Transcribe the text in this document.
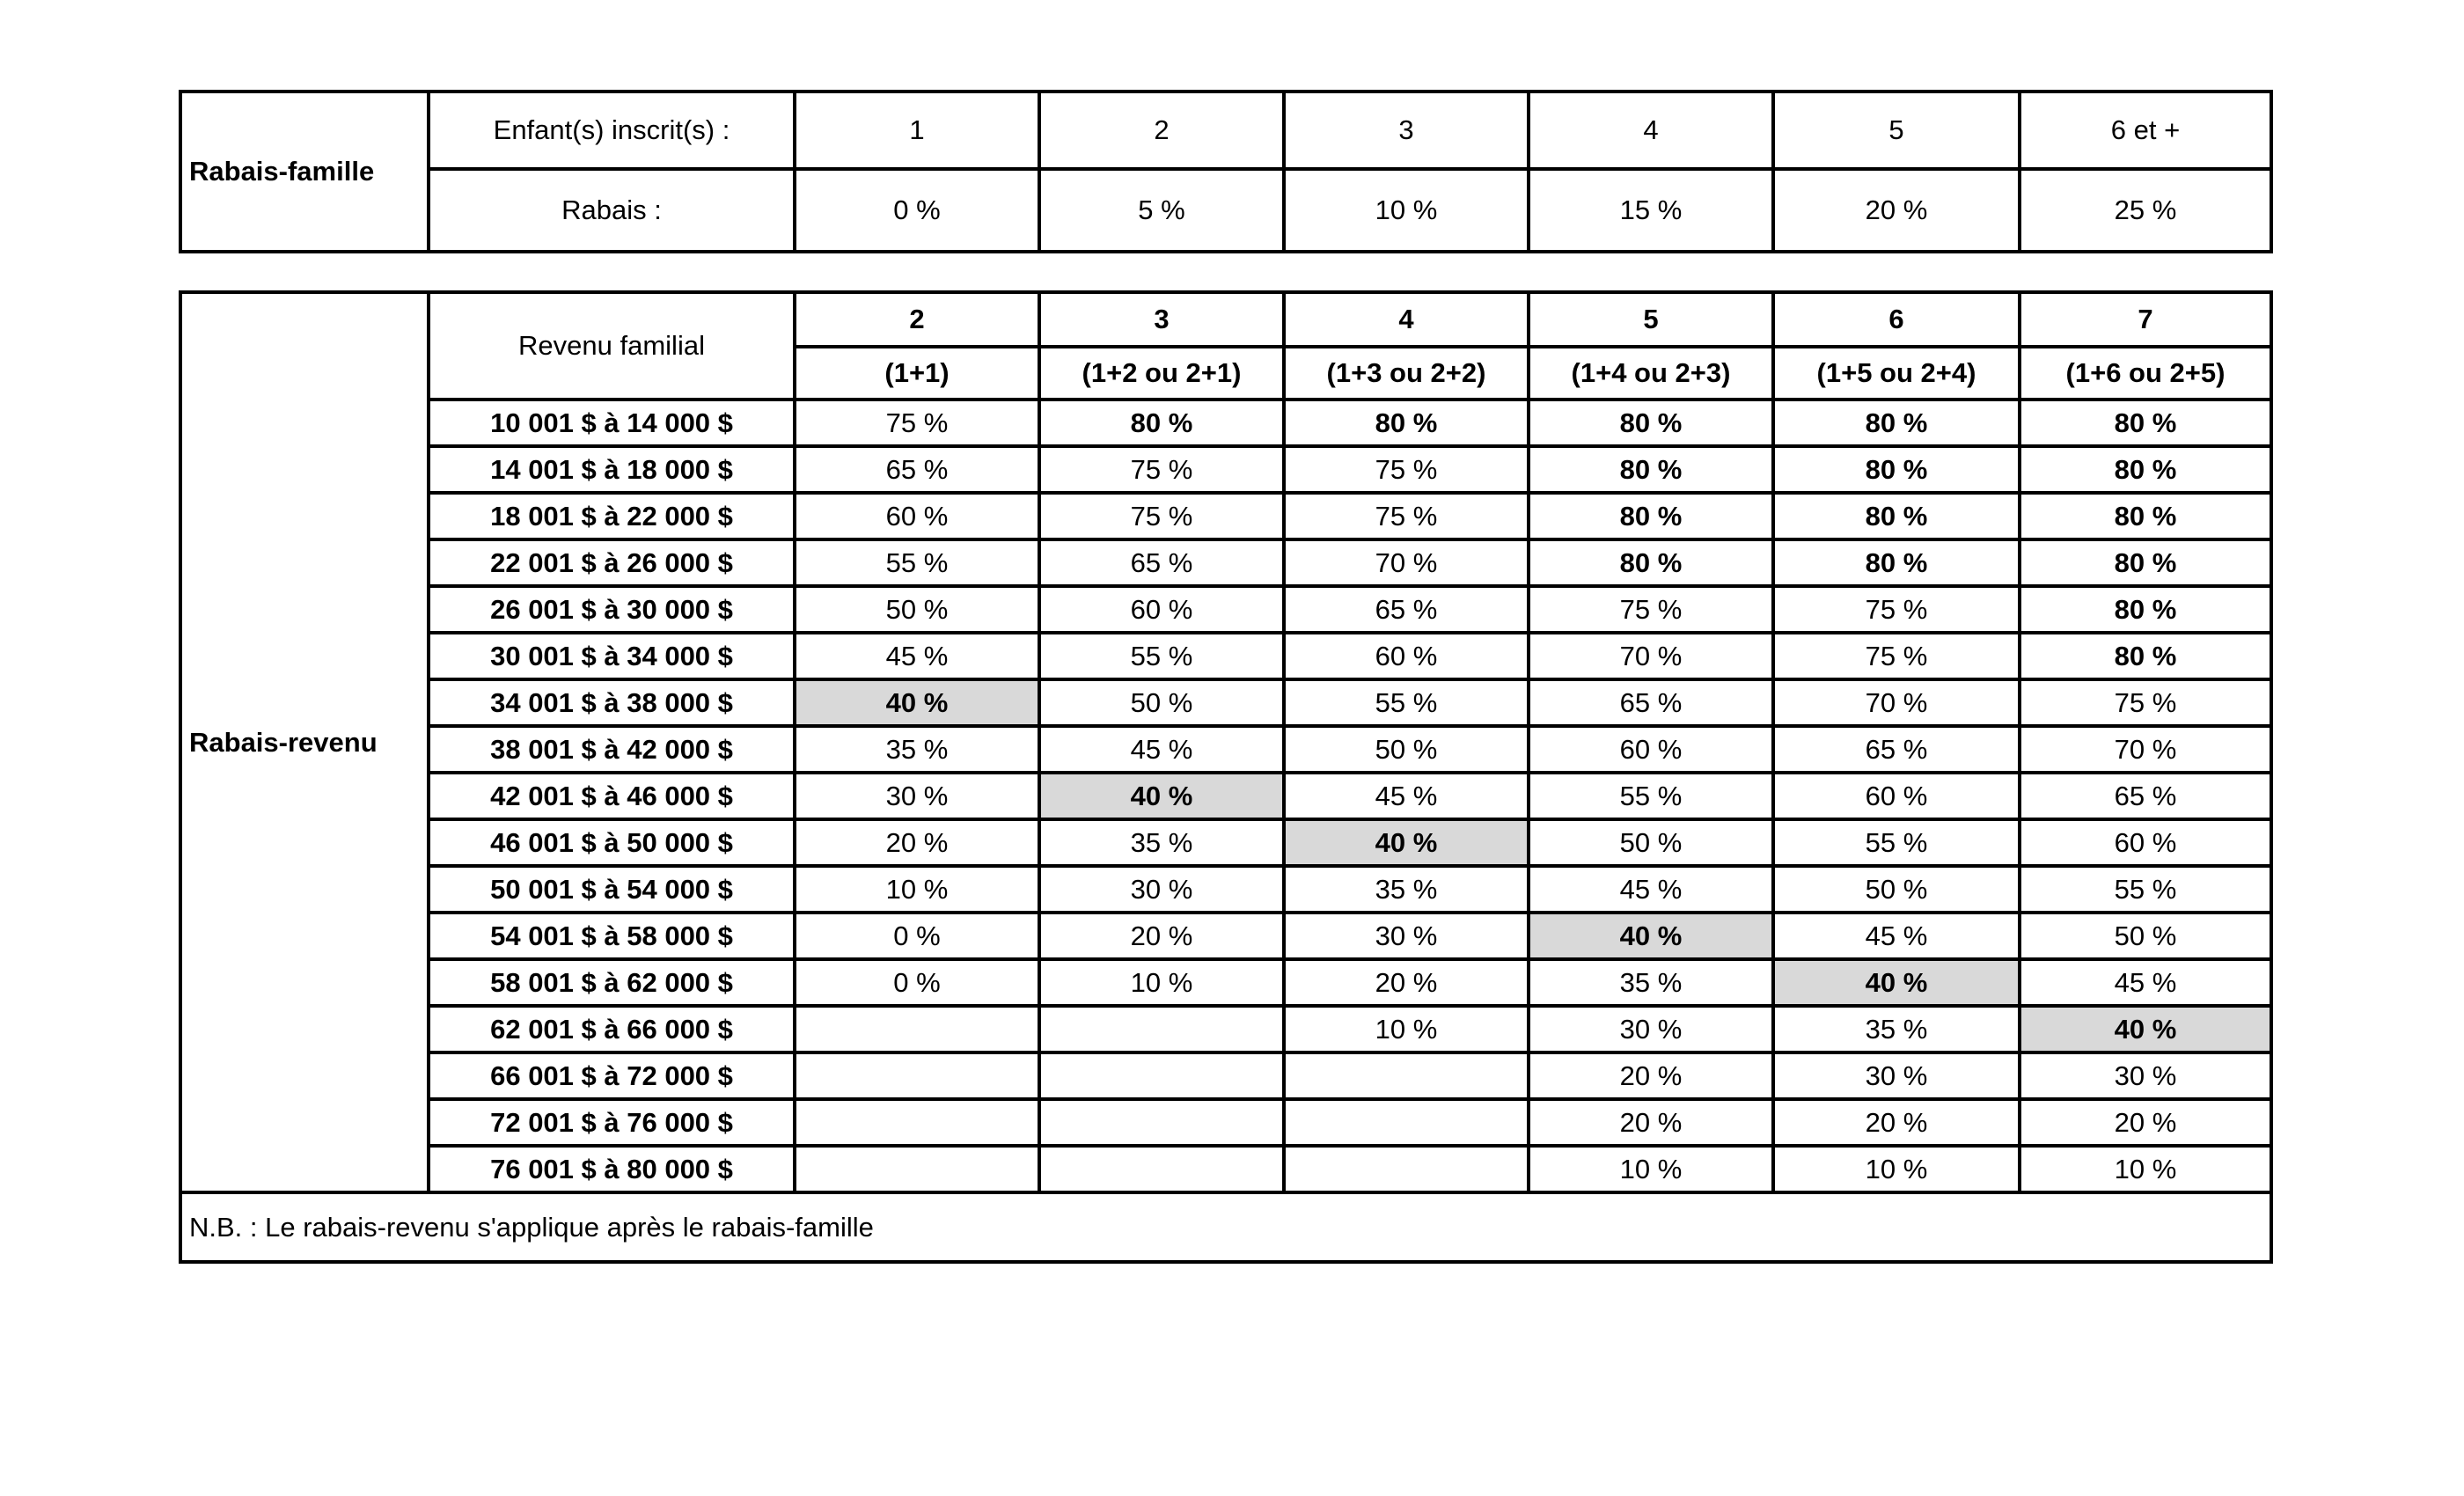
Rabais-famille	Enfant(s) inscrit(s) :	1	2	3	4	5	6 et +
	Rabais :	0 %	5 %	10 %	15 %	20 %	25 %
Rabais-revenu	Revenu familial	2	3	4	5	6	7
		(1+1)	(1+2 ou 2+1)	(1+3 ou 2+2)	(1+4 ou 2+3)	(1+5 ou 2+4)	(1+6 ou 2+5)
	10 001 $ à 14 000 $	75 %	80 %	80 %	80 %	80 %	80 %
	14 001 $ à 18 000 $	65 %	75 %	75 %	80 %	80 %	80 %
	18 001 $ à 22 000 $	60 %	75 %	75 %	80 %	80 %	80 %
	22 001 $ à 26 000 $	55 %	65 %	70 %	80 %	80 %	80 %
	26 001 $ à 30 000 $	50 %	60 %	65 %	75 %	75 %	80 %
	30 001 $ à 34 000 $	45 %	55 %	60 %	70 %	75 %	80 %
	34 001 $ à 38 000 $	40 %	50 %	55 %	65 %	70 %	75 %
	38 001 $ à 42 000 $	35 %	45 %	50 %	60 %	65 %	70 %
	42 001 $ à 46 000 $	30 %	40 %	45 %	55 %	60 %	65 %
	46 001 $ à 50 000 $	20 %	35 %	40 %	50 %	55 %	60 %
	50 001 $ à 54 000 $	10 %	30 %	35 %	45 %	50 %	55 %
	54 001 $ à 58 000 $	0 %	20 %	30 %	40 %	45 %	50 %
	58 001 $ à 62 000 $	0 %	10 %	20 %	35 %	40 %	45 %
	62 001 $ à 66 000 $			10 %	30 %	35 %	40 %
	66 001 $ à 72 000 $				20 %	30 %	30 %
	72 001 $ à 76 000 $				20 %	20 %	20 %
	76 001 $ à 80 000 $				10 %	10 %	10 %
N.B. : Le rabais-revenu s'applique après le rabais-famille							
